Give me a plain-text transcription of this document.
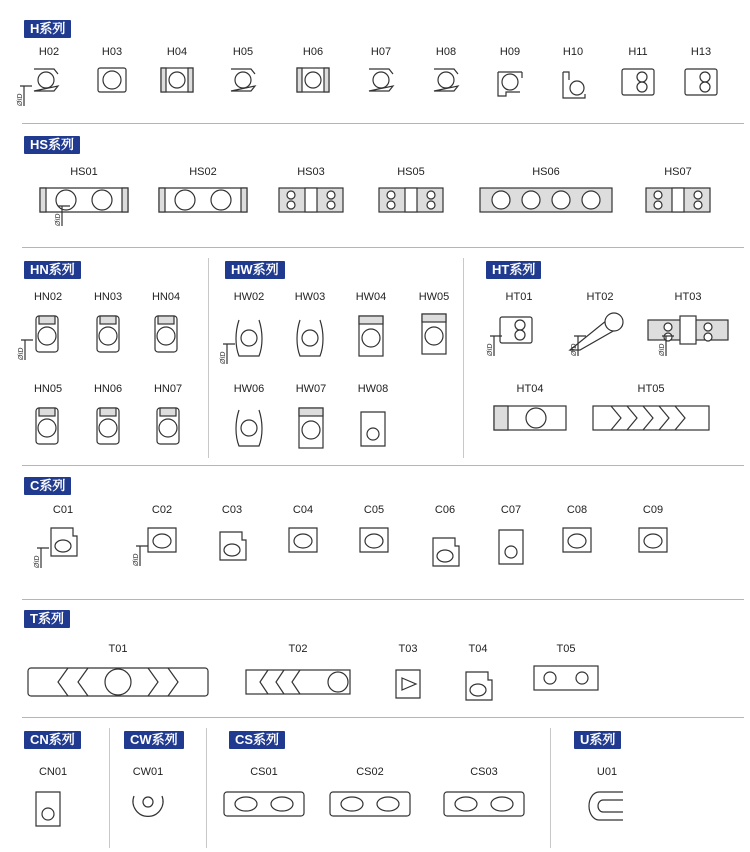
H系列
HS系列
HN系列	HW系列	HT系列
C系列
T系列
CN系列	CW系列	CS系列	U系列
H02
ØID
H03	H04	H05	H06	H07	H08	H09	H10	H11	H13
HS01
ØID
HS02	HS03	HS05	HS06	HS07
HN02
ØID
HN03	HN04
HN05	HN06	HN07
HW02
ØID
HW03	HW04	HW05
HW06	HW07	HW08
HT01
ØID
HT02
ØID
HT03
ØID
HT04	HT05
C01
ØID
C02
ØID
C03	C04	C05	C06	C07	C08	C09
T01	T02	T03	T04	T05
CN01	CW01	CS01	CS02	CS03	U01
